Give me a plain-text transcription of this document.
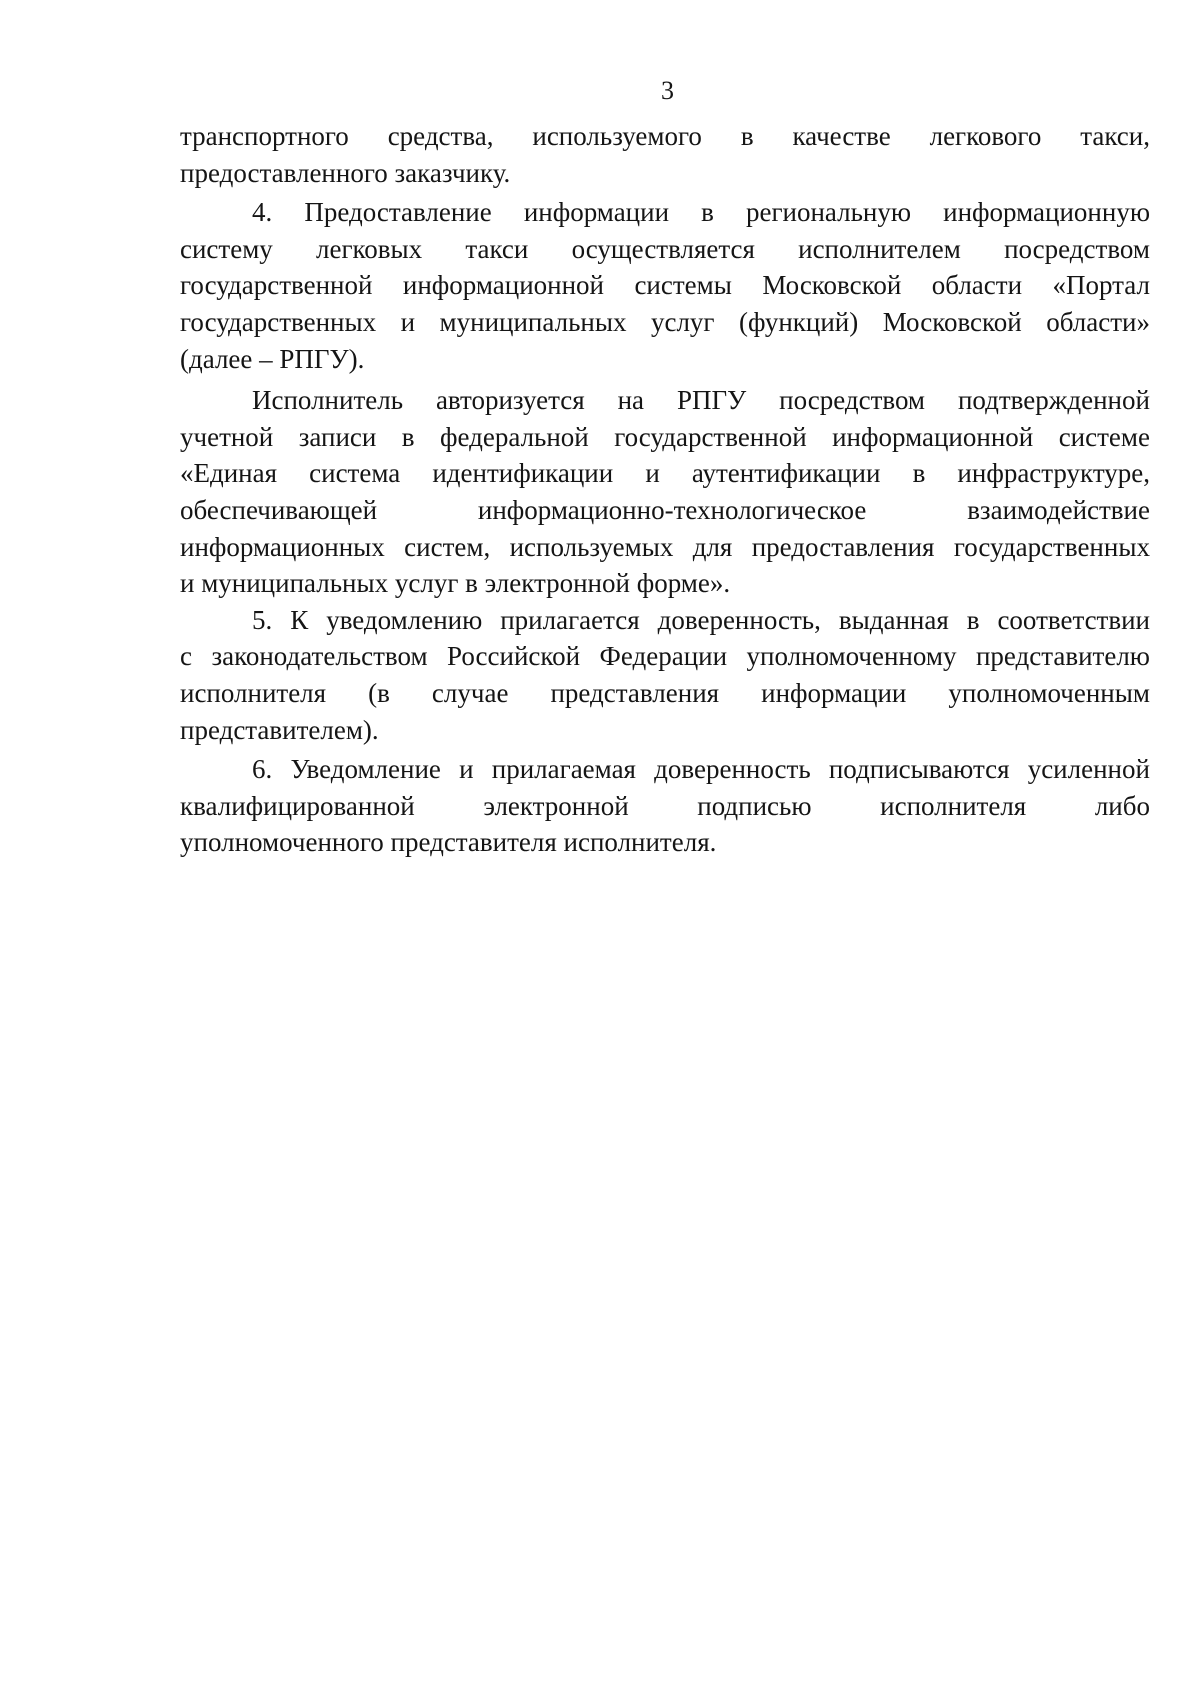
3
транспортного средства, используемого в качестве легкового такси,
предоставленного заказчику.
4. Предоставление информации в региональную информационную
систему легковых такси осуществляется исполнителем посредством
государственной информационной системы Московской области «Портал
государственных и муниципальных услуг (функций) Московской области»
(далее – РПГУ).
Исполнитель авторизуется на РПГУ посредством подтвержденной
учетной записи в федеральной государственной информационной системе
«Единая система идентификации и аутентификации в инфраструктуре,
обеспечивающей	информационно-технологическое	взаимодействие
информационных систем, используемых для предоставления государственных
и муниципальных услуг в электронной форме».
5. К уведомлению прилагается доверенность, выданная в соответствии
с законодательством Российской Федерации уполномоченному представителю
исполнителя (в случае представления информации уполномоченным
представителем).
6. Уведомление и прилагаемая доверенность подписываются усиленной
квалифицированной	электронной	подписью	исполнителя	либо
уполномоченного представителя исполнителя.
